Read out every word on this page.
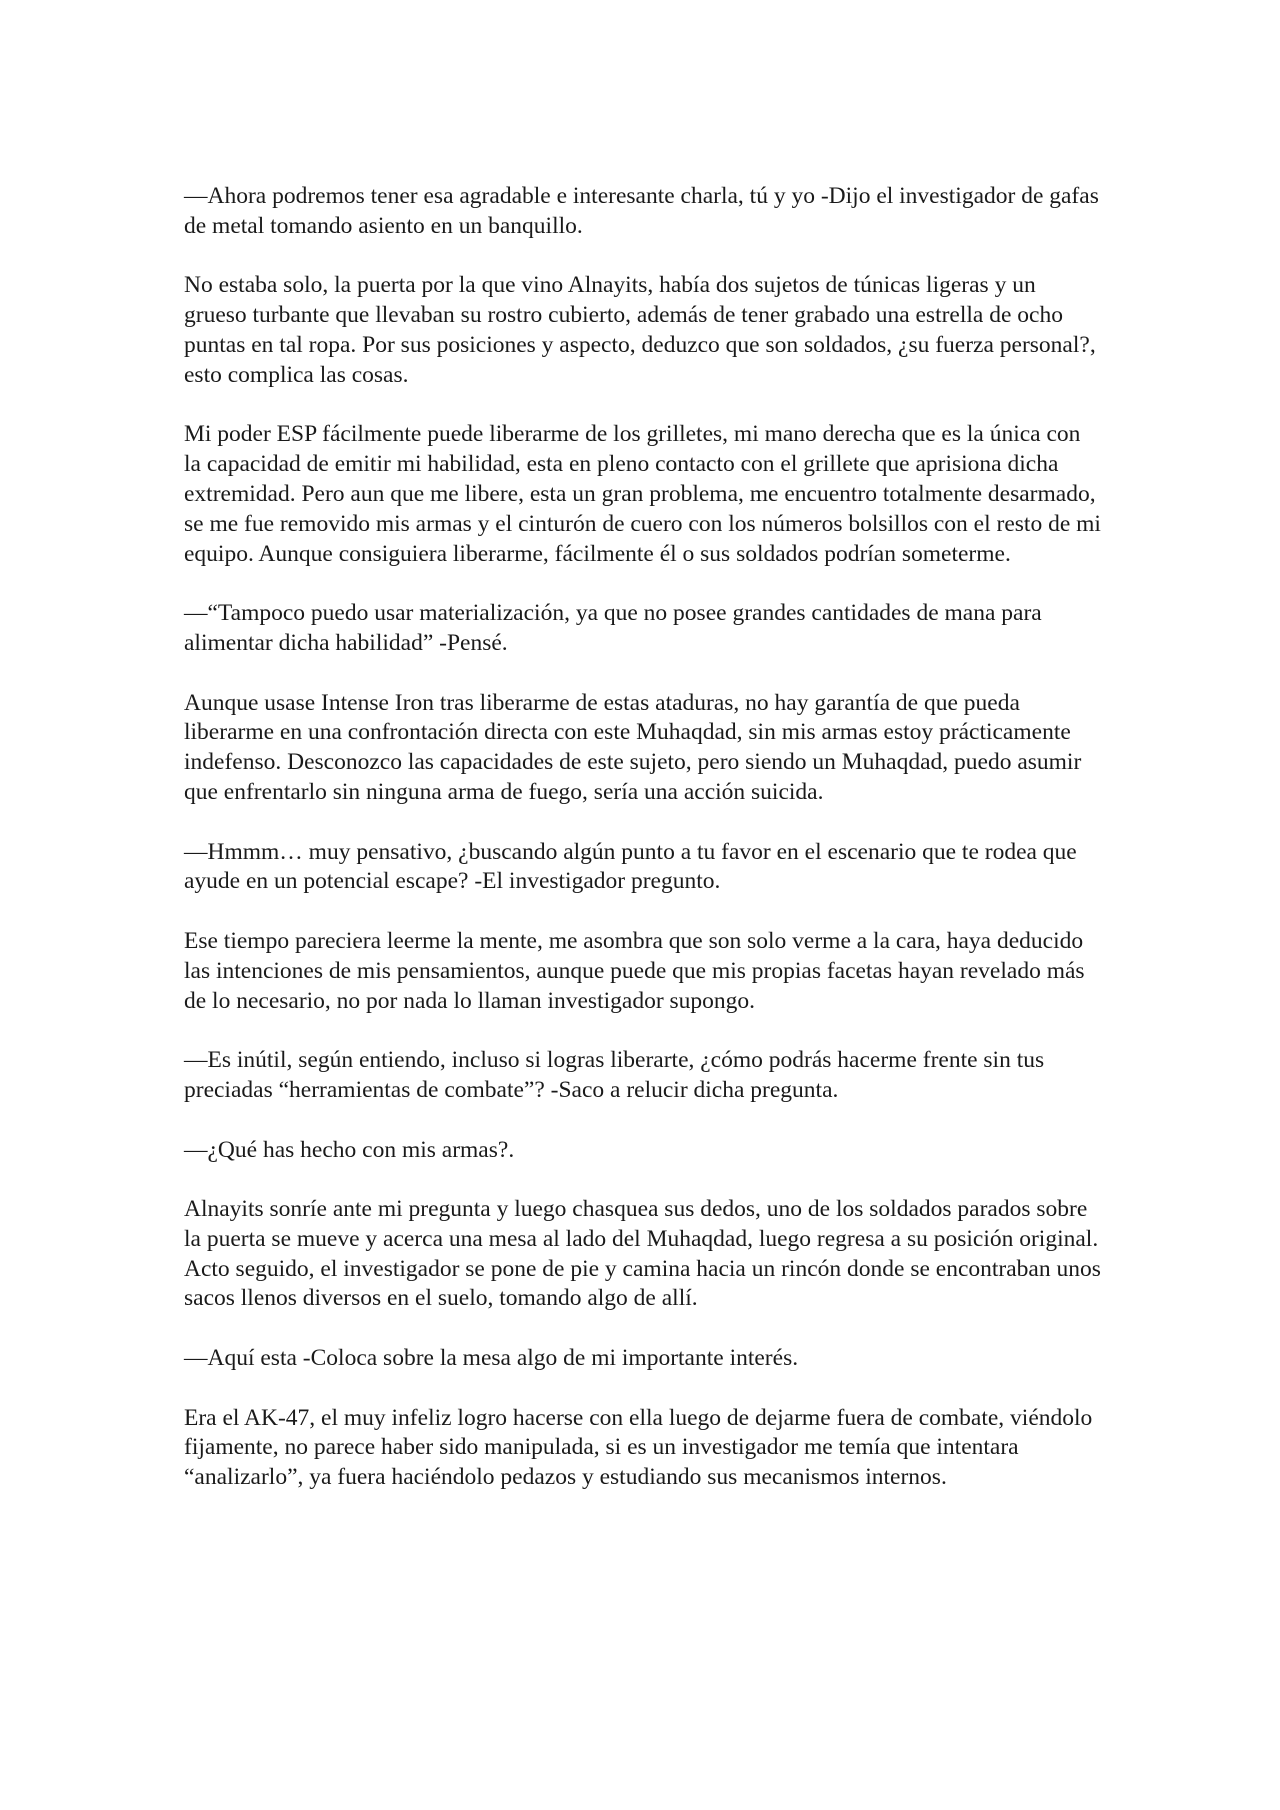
—Ahora podremos tener esa agradable e interesante charla, tú y yo -Dijo el investigador de gafas de metal tomando asiento en un banquillo.

No estaba solo, la puerta por la que vino Alnayits, había dos sujetos de túnicas ligeras y un grueso turbante que llevaban su rostro cubierto, además de tener grabado una estrella de ocho puntas en tal ropa. Por sus posiciones y aspecto, deduzco que son soldados, ¿su fuerza personal?, esto complica las cosas.

Mi poder ESP fácilmente puede liberarme de los grilletes, mi mano derecha que es la única con la capacidad de emitir mi habilidad, esta en pleno contacto con el grillete que aprisiona dicha extremidad. Pero aun que me libere, esta un gran problema, me encuentro totalmente desarmado, se me fue removido mis armas y el cinturón de cuero con los números bolsillos con el resto de mi equipo. Aunque consiguiera liberarme, fácilmente él o sus soldados podrían someterme.

—“Tampoco puedo usar materialización, ya que no posee grandes cantidades de mana para alimentar dicha habilidad” -Pensé.

Aunque usase Intense Iron tras liberarme de estas ataduras, no hay garantía de que pueda liberarme en una confrontación directa con este Muhaqdad, sin mis armas estoy prácticamente indefenso. Desconozco las capacidades de este sujeto, pero siendo un Muhaqdad, puedo asumir que enfrentarlo sin ninguna arma de fuego, sería una acción suicida.

—Hmmm… muy pensativo, ¿buscando algún punto a tu favor en el escenario que te rodea que ayude en un potencial escape? -El investigador pregunto.

Ese tiempo pareciera leerme la mente, me asombra que son solo verme a la cara, haya deducido las intenciones de mis pensamientos, aunque puede que mis propias facetas hayan revelado más de lo necesario, no por nada lo llaman investigador supongo.

—Es inútil, según entiendo, incluso si logras liberarte, ¿cómo podrás hacerme frente sin tus preciadas “herramientas de combate”? -Saco a relucir dicha pregunta.

—¿Qué has hecho con mis armas?.

Alnayits sonríe ante mi pregunta y luego chasquea sus dedos, uno de los soldados parados sobre la puerta se mueve y acerca una mesa al lado del Muhaqdad, luego regresa a su posición original. Acto seguido, el investigador se pone de pie y camina hacia un rincón donde se encontraban unos sacos llenos diversos en el suelo, tomando algo de allí.

—Aquí esta -Coloca sobre la mesa algo de mi importante interés.

Era el AK-47, el muy infeliz logro hacerse con ella luego de dejarme fuera de combate, viéndolo fijamente, no parece haber sido manipulada, si es un investigador me temía que intentara “analizarlo”, ya fuera haciéndolo pedazos y estudiando sus mecanismos internos.
